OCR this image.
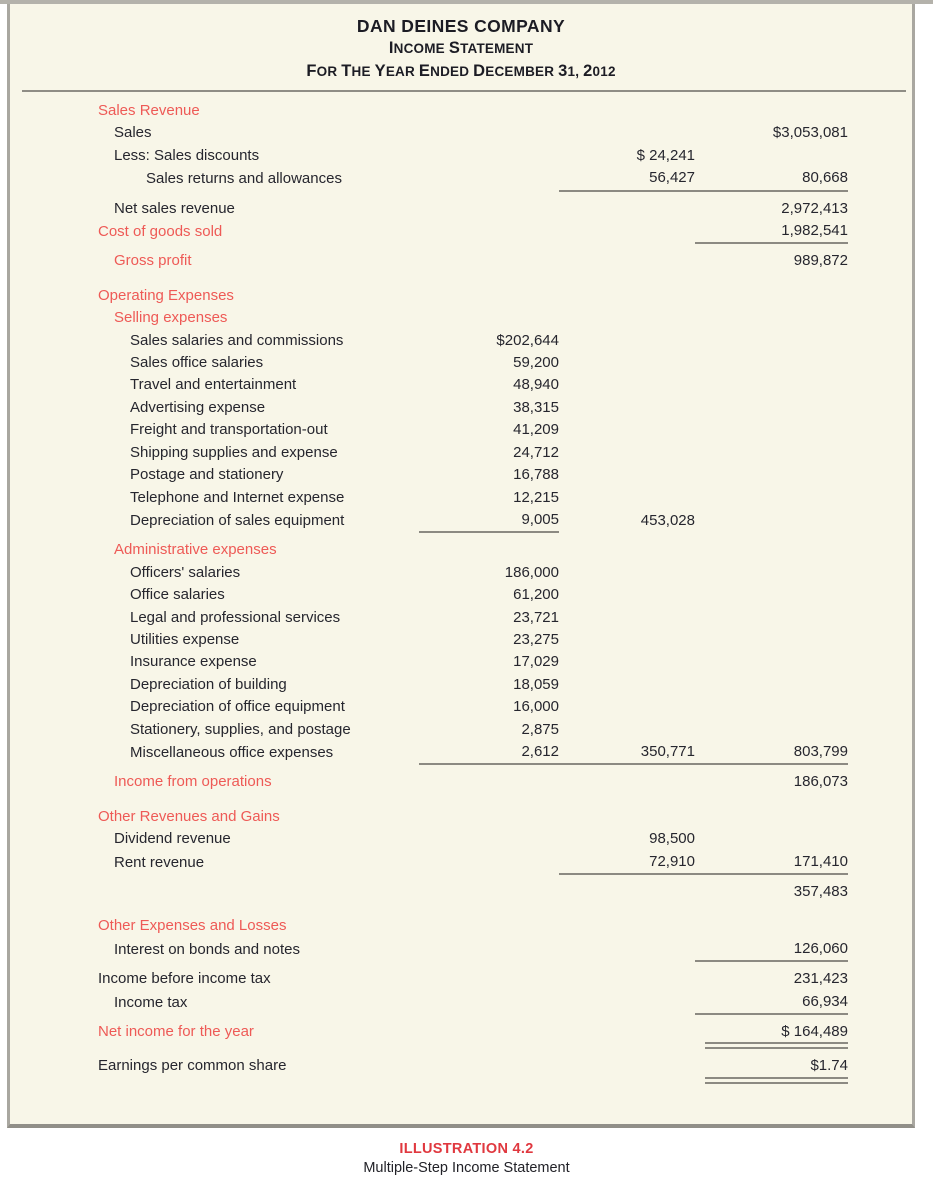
DAN DEINES COMPANY
INCOME STATEMENT
FOR THE YEAR ENDED DECEMBER 31, 2012
Sales Revenue				
Sales			$3,053,081	
Less: Sales discounts		$ 24,241		
Sales returns and allowances		56,427	80,668	

Net sales revenue			2,972,413	
Cost of goods sold			1,982,541	

Gross profit			989,872	

Operating Expenses				
Selling expenses				
Sales salaries and commissions	$202,644			
Sales office salaries	59,200			
Travel and entertainment	48,940			
Advertising expense	38,315			
Freight and transportation-out	41,209			
Shipping supplies and expense	24,712			
Postage and stationery	16,788			
Telephone and Internet expense	12,215			
Depreciation of sales equipment	9,005	453,028		

Administrative expenses				
Officers' salaries	186,000			
Office salaries	61,200			
Legal and professional services	23,721			
Utilities expense	23,275			
Insurance expense	17,029			
Depreciation of building	18,059			
Depreciation of office equipment	16,000			
Stationery, supplies, and postage	2,875			
Miscellaneous office expenses	2,612	350,771	803,799	

Income from operations			186,073	

Other Revenues and Gains				
Dividend revenue		98,500		
Rent revenue		72,910	171,410	

			357,483	

Other Expenses and Losses				
Interest on bonds and notes			126,060	

Income before income tax			231,423	
Income tax			66,934	

Net income for the year			$ 164,489	

Earnings per common share			$1.74	
ILLUSTRATION 4.2
Multiple-Step Income Statement
